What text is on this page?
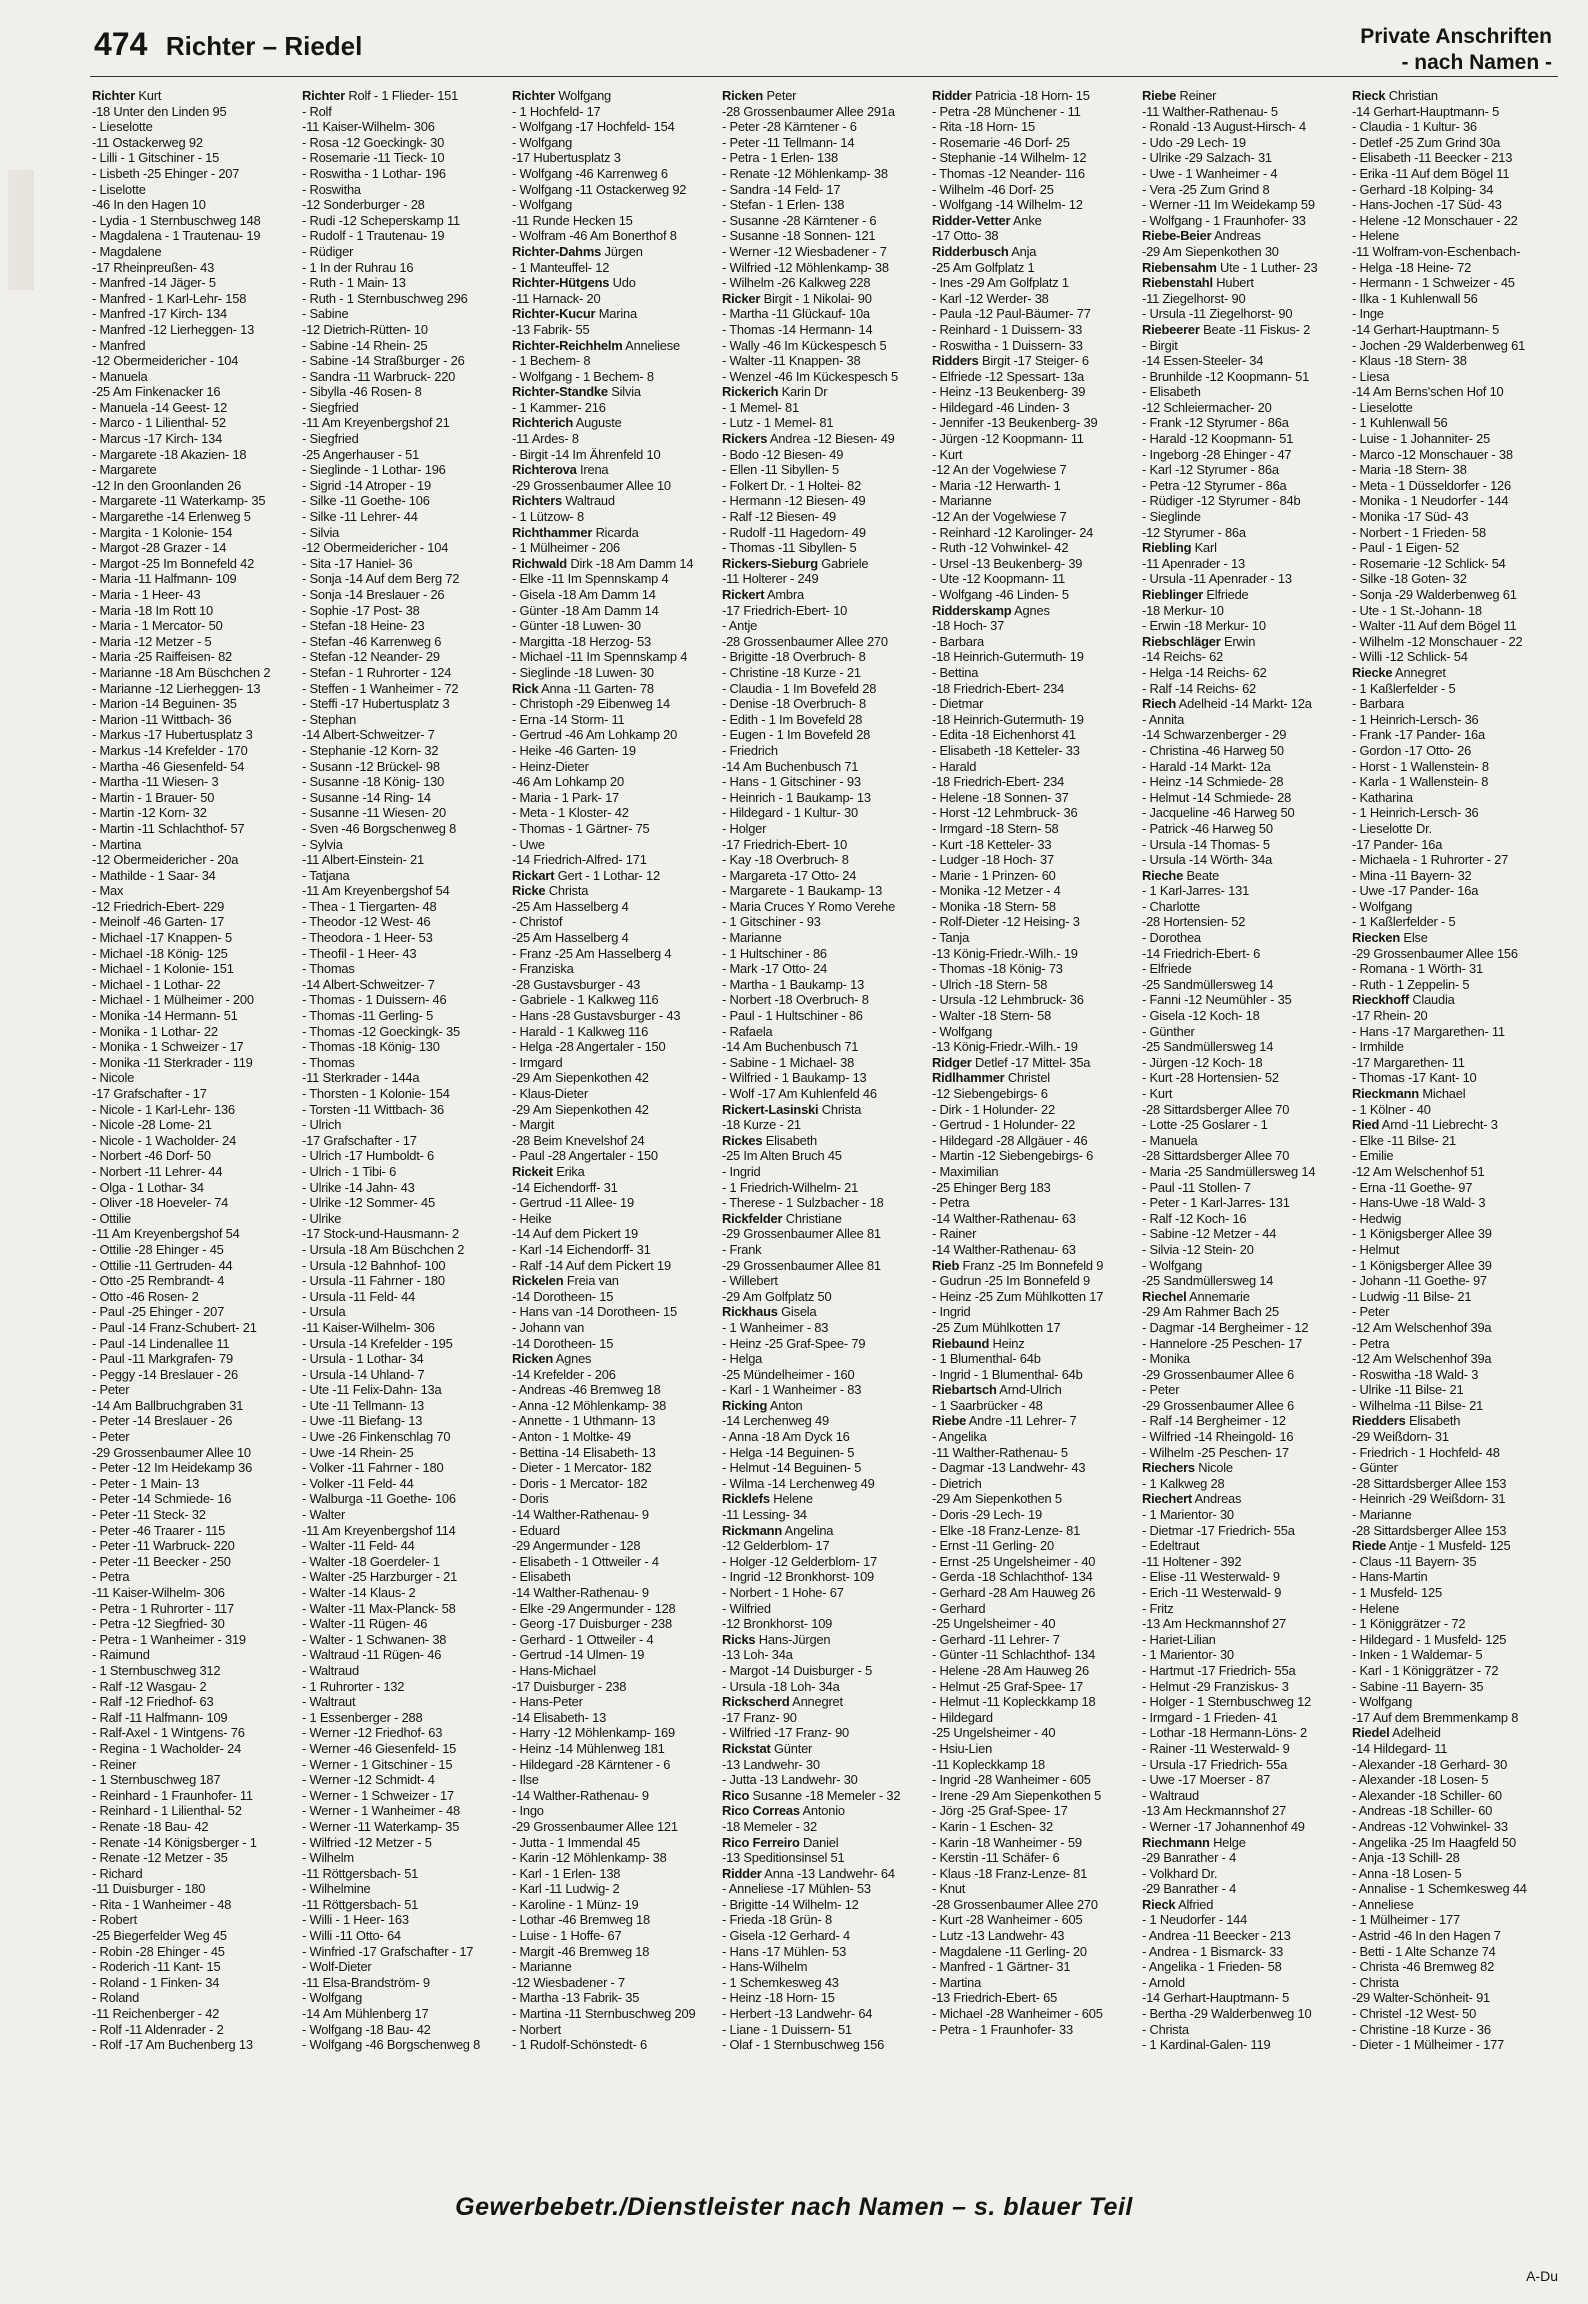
474 Richter – Riedel	Private Anschriften
- nach Namen -
Richter Kurt
-18 Unter den Linden 95
- Lieselotte
-11 Ostackerweg 92
- Lilli - 1 Gitschiner - 15
- Lisbeth -25 Ehinger - 207
- Liselotte
-46 In den Hagen 10
- Lydia - 1 Sternbuschweg 148
- Magdalena - 1 Trautenau- 19
- Magdalene
-17 Rheinpreußen- 43
- Manfred -14 Jäger- 5
- Manfred - 1 Karl-Lehr- 158
- Manfred -17 Kirch- 134
- Manfred -12 Lierheggen- 13
- Manfred
-12 Obermeidericher - 104
- Manuela
-25 Am Finkenacker 16
- Manuela -14 Geest- 12
- Marco - 1 Lilienthal- 52
- Marcus -17 Kirch- 134
- Margarete -18 Akazien- 18
- Margarete
-12 In den Groonlanden 26
- Margarete -11 Waterkamp- 35
- Margarethe -14 Erlenweg 5
- Margita - 1 Kolonie- 154
- Margot -28 Grazer - 14
- Margot -25 Im Bonnefeld 42
- Maria -11 Halfmann- 109
- Maria - 1 Heer- 43
- Maria -18 Im Rott 10
- Maria - 1 Mercator- 50
- Maria -12 Metzer - 5
- Maria -25 Raiffeisen- 82
- Marianne -18 Am Büschchen 2
- Marianne -12 Lierheggen- 13
- Marion -14 Beguinen- 35
- Marion -11 Wittbach- 36
- Markus -17 Hubertusplatz 3
- Markus -14 Krefelder - 170
- Martha -46 Giesenfeld- 54
- Martha -11 Wiesen- 3
- Martin - 1 Brauer- 50
- Martin -12 Korn- 32
- Martin -11 Schlachthof- 57
- Martina
-12 Obermeidericher - 20a
- Mathilde - 1 Saar- 34
- Max
-12 Friedrich-Ebert- 229
- Meinolf -46 Garten- 17
- Michael -17 Knappen- 5
- Michael -18 König- 125
- Michael - 1 Kolonie- 151
- Michael - 1 Lothar- 22
- Michael - 1 Mülheimer - 200
- Monika -14 Hermann- 51
- Monika - 1 Lothar- 22
- Monika - 1 Schweizer - 17
- Monika -11 Sterkrader - 119
- Nicole
-17 Grafschafter - 17
- Nicole - 1 Karl-Lehr- 136
- Nicole -28 Lome- 21
- Nicole - 1 Wacholder- 24
- Norbert -46 Dorf- 50
- Norbert -11 Lehrer- 44
- Olga - 1 Lothar- 34
- Oliver -18 Hoeveler- 74
- Ottilie
-11 Am Kreyenbergshof 54
- Ottilie -28 Ehinger - 45
- Ottilie -11 Gertruden- 44
- Otto -25 Rembrandt- 4
- Otto -46 Rosen- 2
- Paul -25 Ehinger - 207
- Paul -14 Franz-Schubert- 21
- Paul -14 Lindenallee 11
- Paul -11 Markgrafen- 79
- Peggy -14 Breslauer - 26
- Peter
-14 Am Ballbruchgraben 31
- Peter -14 Breslauer - 26
- Peter
-29 Grossenbaumer Allee 10
- Peter -12 Im Heidekamp 36
- Peter - 1 Main- 13
- Peter -14 Schmiede- 16
- Peter -11 Steck- 32
- Peter -46 Traarer - 115
- Peter -11 Warbruck- 220
- Peter -11 Beecker - 250
- Petra
-11 Kaiser-Wilhelm- 306
- Petra - 1 Ruhrorter - 117
- Petra -12 Siegfried- 30
- Petra - 1 Wanheimer - 319
- Raimund
- 1 Sternbuschweg 312
- Ralf -12 Wasgau- 2
- Ralf -12 Friedhof- 63
- Ralf -11 Halfmann- 109
- Ralf-Axel - 1 Wintgens- 76
- Regina - 1 Wacholder- 24
- Reiner
- 1 Sternbuschweg 187
- Reinhard - 1 Fraunhofer- 11
- Reinhard - 1 Lilienthal- 52
- Renate -18 Bau- 42
- Renate -14 Königsberger - 1
- Renate -12 Metzer - 35
- Richard
-11 Duisburger - 180
- Rita - 1 Wanheimer - 48
- Robert
-25 Biegerfelder Weg 45
- Robin -28 Ehinger - 45
- Roderich -11 Kant- 15
- Roland - 1 Finken- 34
- Roland
-11 Reichenberger - 42
- Rolf -11 Aldenrader - 2
- Rolf -17 Am Buchenberg 13
Richter Rolf - 1 Flieder- 151
- Rolf
-11 Kaiser-Wilhelm- 306
- Rosa -12 Goeckingk- 30
- Rosemarie -11 Tieck- 10
- Roswitha - 1 Lothar- 196
- Roswitha
-12 Sonderburger - 28
- Rudi -12 Scheperskamp 11
- Rudolf - 1 Trautenau- 19
- Rüdiger
- 1 In der Ruhrau 16
- Ruth - 1 Main- 13
- Ruth - 1 Sternbuschweg 296
- Sabine
-12 Dietrich-Rütten- 10
- Sabine -14 Rhein- 25
- Sabine -14 Straßburger - 26
- Sandra -11 Warbruck- 220
- Sibylla -46 Rosen- 8
- Siegfried
-11 Am Kreyenbergshof 21
- Siegfried
-25 Angerhauser - 51
- Sieglinde - 1 Lothar- 196
- Sigrid -14 Atroper - 19
- Silke -11 Goethe- 106
- Silke -11 Lehrer- 44
- Silvia
-12 Obermeidericher - 104
- Sita -17 Haniel- 36
- Sonja -14 Auf dem Berg 72
- Sonja -14 Breslauer - 26
- Sophie -17 Post- 38
- Stefan -18 Heine- 23
- Stefan -46 Karrenweg 6
- Stefan -12 Neander- 29
- Stefan - 1 Ruhrorter - 124
- Steffen - 1 Wanheimer - 72
- Steffi -17 Hubertusplatz 3
- Stephan
-14 Albert-Schweitzer- 7
- Stephanie -12 Korn- 32
- Susann -12 Brückel- 98
- Susanne -18 König- 130
- Susanne -14 Ring- 14
- Susanne -11 Wiesen- 20
- Sven -46 Borgschenweg 8
- Sylvia
-11 Albert-Einstein- 21
- Tatjana
-11 Am Kreyenbergshof 54
- Thea - 1 Tiergarten- 48
- Theodor -12 West- 46
- Theodora - 1 Heer- 53
- Theofil - 1 Heer- 43
- Thomas
-14 Albert-Schweitzer- 7
- Thomas - 1 Duissern- 46
- Thomas -11 Gerling- 5
- Thomas -12 Goeckingk- 35
- Thomas -18 König- 130
- Thomas
-11 Sterkrader - 144a
- Thorsten - 1 Kolonie- 154
- Torsten -11 Wittbach- 36
- Ulrich
-17 Grafschafter - 17
- Ulrich -17 Humboldt- 6
- Ulrich - 1 Tibi- 6
- Ulrike -14 Jahn- 43
- Ulrike -12 Sommer- 45
- Ulrike
-17 Stock-und-Hausmann- 2
- Ursula -18 Am Büschchen 2
- Ursula -12 Bahnhof- 100
- Ursula -11 Fahrner - 180
- Ursula -11 Feld- 44
- Ursula
-11 Kaiser-Wilhelm- 306
- Ursula -14 Krefelder - 195
- Ursula - 1 Lothar- 34
- Ursula -14 Uhland- 7
- Ute -11 Felix-Dahn- 13a
- Ute -11 Tellmann- 13
- Uwe -11 Biefang- 13
- Uwe -26 Finkenschlag 70
- Uwe -14 Rhein- 25
- Volker -11 Fahrner - 180
- Volker -11 Feld- 44
- Walburga -11 Goethe- 106
- Walter
-11 Am Kreyenbergshof 114
- Walter -11 Feld- 44
- Walter -18 Goerdeler- 1
- Walter -25 Harzburger - 21
- Walter -14 Klaus- 2
- Walter -11 Max-Planck- 58
- Walter -11 Rügen- 46
- Walter - 1 Schwanen- 38
- Waltraud -11 Rügen- 46
- Waltraud
- 1 Ruhrorter - 132
- Waltraut
- 1 Essenberger - 288
- Werner -12 Friedhof- 63
- Werner -46 Giesenfeld- 15
- Werner - 1 Gitschiner - 15
- Werner -12 Schmidt- 4
- Werner - 1 Schweizer - 17
- Werner - 1 Wanheimer - 48
- Werner -11 Waterkamp- 35
- Wilfried -12 Metzer - 5
- Wilhelm
-11 Röttgersbach- 51
- Wilhelmine
-11 Röttgersbach- 51
- Willi - 1 Heer- 163
- Willi -11 Otto- 64
- Winfried -17 Grafschafter - 17
- Wolf-Dieter
-11 Elsa-Brandström- 9
- Wolfgang
-14 Am Mühlenberg 17
- Wolfgang -18 Bau- 42
- Wolfgang -46 Borgschenweg 8
Richter Wolfgang
- 1 Hochfeld- 17
- Wolfgang -17 Hochfeld- 154
- Wolfgang
-17 Hubertusplatz 3
- Wolfgang -46 Karrenweg 6
- Wolfgang -11 Ostackerweg 92
- Wolfgang
-11 Runde Hecken 15
- Wolfram -46 Am Bonerthof 8
Richter-Dahms Jürgen
- 1 Manteuffel- 12
Richter-Hütgens Udo
-11 Harnack- 20
Richter-Kucur Marina
-13 Fabrik- 55
Richter-Reichhelm Anneliese
- 1 Bechem- 8
- Wolfgang - 1 Bechem- 8
Richter-Standke Silvia
- 1 Kammer- 216
Richterich Auguste
-11 Ardes- 8
- Birgit -14 Im Ährenfeld 10
Richterova Irena
-29 Grossenbaumer Allee 10
Richters Waltraud
- 1 Lützow- 8
Richthammer Ricarda
- 1 Mülheimer - 206
Richwald Dirk -18 Am Damm 14
- Elke -11 Im Spennskamp 4
- Gisela -18 Am Damm 14
- Günter -18 Am Damm 14
- Günter -18 Luwen- 30
- Margitta -18 Herzog- 53
- Michael -11 Im Spennskamp 4
- Sieglinde -18 Luwen- 30
Rick Anna -11 Garten- 78
- Christoph -29 Eibenweg 14
- Erna -14 Storm- 11
- Gertrud -46 Am Lohkamp 20
- Heike -46 Garten- 19
- Heinz-Dieter
-46 Am Lohkamp 20
- Maria - 1 Park- 17
- Meta - 1 Kloster- 42
- Thomas - 1 Gärtner- 75
- Uwe
-14 Friedrich-Alfred- 171
Rickart Gert - 1 Lothar- 12
Ricke Christa
-25 Am Hasselberg 4
- Christof
-25 Am Hasselberg 4
- Franz -25 Am Hasselberg 4
- Franziska
-28 Gustavsburger - 43
- Gabriele - 1 Kalkweg 116
- Hans -28 Gustavsburger - 43
- Harald - 1 Kalkweg 116
- Helga -28 Angertaler - 150
- Irmgard
-29 Am Siepenkothen 42
- Klaus-Dieter
-29 Am Siepenkothen 42
- Margit
-28 Beim Knevelshof 24
- Paul -28 Angertaler - 150
Rickeit Erika
-14 Eichendorff- 31
- Gertrud -11 Allee- 19
- Heike
-14 Auf dem Pickert 19
- Karl -14 Eichendorff- 31
- Ralf -14 Auf dem Pickert 19
Rickelen Freia van
-14 Dorotheen- 15
- Hans van -14 Dorotheen- 15
- Johann van
-14 Dorotheen- 15
Ricken Agnes
-14 Krefelder - 206
- Andreas -46 Bremweg 18
- Anna -12 Möhlenkamp- 38
- Annette - 1 Uthmann- 13
- Anton - 1 Moltke- 49
- Bettina -14 Elisabeth- 13
- Dieter - 1 Mercator- 182
- Doris - 1 Mercator- 182
- Doris
-14 Walther-Rathenau- 9
- Eduard
-29 Angermunder - 128
- Elisabeth - 1 Ottweiler - 4
- Elisabeth
-14 Walther-Rathenau- 9
- Elke -29 Angermunder - 128
- Georg -17 Duisburger - 238
- Gerhard - 1 Ottweiler - 4
- Gertrud -14 Ulmen- 19
- Hans-Michael
-17 Duisburger - 238
- Hans-Peter
-14 Elisabeth- 13
- Harry -12 Möhlenkamp- 169
- Heinz -14 Mühlenweg 181
- Hildegard -28 Kärntener - 6
- Ilse
-14 Walther-Rathenau- 9
- Ingo
-29 Grossenbaumer Allee 121
- Jutta - 1 Immendal 45
- Karin -12 Möhlenkamp- 38
- Karl - 1 Erlen- 138
- Karl -11 Ludwig- 2
- Karoline - 1 Münz- 19
- Lothar -46 Bremweg 18
- Luise - 1 Hoffe- 67
- Margit -46 Bremweg 18
- Marianne
-12 Wiesbadener - 7
- Martha -13 Fabrik- 35
- Martina -11 Sternbuschweg 209
- Norbert
- 1 Rudolf-Schönstedt- 6
Ricken Peter
-28 Grossenbaumer Allee 291a
- Peter -28 Kärntener - 6
- Peter -11 Tellmann- 14
- Petra - 1 Erlen- 138
- Renate -12 Möhlenkamp- 38
- Sandra -14 Feld- 17
- Stefan - 1 Erlen- 138
- Susanne -28 Kärntener - 6
- Susanne -18 Sonnen- 121
- Werner -12 Wiesbadener - 7
- Wilfried -12 Möhlenkamp- 38
- Wilhelm -26 Kalkweg 228
Ricker Birgit - 1 Nikolai- 90
- Martha -11 Glückauf- 10a
- Thomas -14 Hermann- 14
- Wally -46 Im Kückespesch 5
- Walter -11 Knappen- 38
- Wenzel -46 Im Kückespesch 5
Rickerich Karin Dr
- 1 Memel- 81
- Lutz - 1 Memel- 81
Rickers Andrea -12 Biesen- 49
- Bodo -12 Biesen- 49
- Ellen -11 Sibyllen- 5
- Folkert Dr. - 1 Holtei- 82
- Hermann -12 Biesen- 49
- Ralf -12 Biesen- 49
- Rudolf -11 Hagedorn- 49
- Thomas -11 Sibyllen- 5
Rickers-Sieburg Gabriele
-11 Holterer - 249
Rickert Ambra
-17 Friedrich-Ebert- 10
- Antje
-28 Grossenbaumer Allee 270
- Brigitte -18 Overbruch- 8
- Christine -18 Kurze - 21
- Claudia - 1 Im Bovefeld 28
- Denise -18 Overbruch- 8
- Edith - 1 Im Bovefeld 28
- Eugen - 1 Im Bovefeld 28
- Friedrich
-14 Am Buchenbusch 71
- Hans - 1 Gitschiner - 93
- Heinrich - 1 Baukamp- 13
- Hildegard - 1 Kultur- 30
- Holger
-17 Friedrich-Ebert- 10
- Kay -18 Overbruch- 8
- Margareta -17 Otto- 24
- Margarete - 1 Baukamp- 13
- Maria Cruces Y Romo Verehe
- 1 Gitschiner - 93
- Marianne
- 1 Hultschiner - 86
- Mark -17 Otto- 24
- Martha - 1 Baukamp- 13
- Norbert -18 Overbruch- 8
- Paul - 1 Hultschiner - 86
- Rafaela
-14 Am Buchenbusch 71
- Sabine - 1 Michael- 38
- Wilfried - 1 Baukamp- 13
- Wolf -17 Am Kuhlenfeld 46
Rickert-Lasinski Christa
-18 Kurze - 21
Rickes Elisabeth
-25 Im Alten Bruch 45
- Ingrid
- 1 Friedrich-Wilhelm- 21
- Therese - 1 Sulzbacher - 18
Rickfelder Christiane
-29 Grossenbaumer Allee 81
- Frank
-29 Grossenbaumer Allee 81
- Willebert
-29 Am Golfplatz 50
Rickhaus Gisela
- 1 Wanheimer - 83
- Heinz -25 Graf-Spee- 79
- Helga
-25 Mündelheimer - 160
- Karl - 1 Wanheimer - 83
Ricking Anton
-14 Lerchenweg 49
- Anna -18 Am Dyck 16
- Helga -14 Beguinen- 5
- Helmut -14 Beguinen- 5
- Wilma -14 Lerchenweg 49
Ricklefs Helene
-11 Lessing- 34
Rickmann Angelina
-12 Gelderblom- 17
- Holger -12 Gelderblom- 17
- Ingrid -12 Bronkhorst- 109
- Norbert - 1 Hohe- 67
- Wilfried
-12 Bronkhorst- 109
Ricks Hans-Jürgen
-13 Loh- 34a
- Margot -14 Duisburger - 5
- Ursula -18 Loh- 34a
Rickscherd Annegret
-17 Franz- 90
- Wilfried -17 Franz- 90
Rickstat Günter
-13 Landwehr- 30
- Jutta -13 Landwehr- 30
Rico Susanne -18 Memeler - 32
Rico Correas Antonio
-18 Memeler - 32
Rico Ferreiro Daniel
-13 Speditionsinsel 51
Ridder Anna -13 Landwehr- 64
- Anneliese -17 Mühlen- 53
- Brigitte -14 Wilhelm- 12
- Frieda -18 Grün- 8
- Gisela -12 Gerhard- 4
- Hans -17 Mühlen- 53
- Hans-Wilhelm
- 1 Schemkesweg 43
- Heinz -18 Horn- 15
- Herbert -13 Landwehr- 64
- Liane - 1 Duissern- 51
- Olaf - 1 Sternbuschweg 156
Ridder Patricia -18 Horn- 15
- Petra -28 Münchener - 11
- Rita -18 Horn- 15
- Rosemarie -46 Dorf- 25
- Stephanie -14 Wilhelm- 12
- Thomas -12 Neander- 116
- Wilhelm -46 Dorf- 25
- Wolfgang -14 Wilhelm- 12
Ridder-Vetter Anke
-17 Otto- 38
Ridderbusch Anja
-25 Am Golfplatz 1
- Ines -29 Am Golfplatz 1
- Karl -12 Werder- 38
- Paula -12 Paul-Bäumer- 77
- Reinhard - 1 Duissern- 33
- Roswitha - 1 Duissern- 33
Ridders Birgit -17 Steiger- 6
- Elfriede -12 Spessart- 13a
- Heinz -13 Beukenberg- 39
- Hildegard -46 Linden- 3
- Jennifer -13 Beukenberg- 39
- Jürgen -12 Koopmann- 11
- Kurt
-12 An der Vogelwiese 7
- Maria -12 Herwarth- 1
- Marianne
-12 An der Vogelwiese 7
- Reinhard -12 Karolinger- 24
- Ruth -12 Vohwinkel- 42
- Ursel -13 Beukenberg- 39
- Ute -12 Koopmann- 11
- Wolfgang -46 Linden- 5
Ridderskamp Agnes
-18 Hoch- 37
- Barbara
-18 Heinrich-Gutermuth- 19
- Bettina
-18 Friedrich-Ebert- 234
- Dietmar
-18 Heinrich-Gutermuth- 19
- Edita -18 Eichenhorst 41
- Elisabeth -18 Ketteler- 33
- Harald
-18 Friedrich-Ebert- 234
- Helene -18 Sonnen- 37
- Horst -12 Lehmbruck- 36
- Irmgard -18 Stern- 58
- Kurt -18 Ketteler- 33
- Ludger -18 Hoch- 37
- Marie - 1 Prinzen- 60
- Monika -12 Metzer - 4
- Monika -18 Stern- 58
- Rolf-Dieter -12 Heising- 3
- Tanja
-13 König-Friedr.-Wilh.- 19
- Thomas -18 König- 73
- Ulrich -18 Stern- 58
- Ursula -12 Lehmbruck- 36
- Walter -18 Stern- 58
- Wolfgang
-13 König-Friedr.-Wilh.- 19
Ridger Detlef -17 Mittel- 35a
Ridlhammer Christel
-12 Siebengebirgs- 6
- Dirk - 1 Holunder- 22
- Gertrud - 1 Holunder- 22
- Hildegard -28 Allgäuer - 46
- Martin -12 Siebengebirgs- 6
- Maximilian
-25 Ehinger Berg 183
- Petra
-14 Walther-Rathenau- 63
- Rainer
-14 Walther-Rathenau- 63
Rieb Franz -25 Im Bonnefeld 9
- Gudrun -25 Im Bonnefeld 9
- Heinz -25 Zum Mühlkotten 17
- Ingrid
-25 Zum Mühlkotten 17
Riebaund Heinz
- 1 Blumenthal- 64b
- Ingrid - 1 Blumenthal- 64b
Riebartsch Arnd-Ulrich
- 1 Saarbrücker - 48
Riebe Andre -11 Lehrer- 7
- Angelika
-11 Walther-Rathenau- 5
- Dagmar -13 Landwehr- 43
- Dietrich
-29 Am Siepenkothen 5
- Doris -29 Lech- 19
- Elke -18 Franz-Lenze- 81
- Ernst -11 Gerling- 20
- Ernst -25 Ungelsheimer - 40
- Gerda -18 Schlachthof- 134
- Gerhard -28 Am Hauweg 26
- Gerhard
-25 Ungelsheimer - 40
- Gerhard -11 Lehrer- 7
- Günter -11 Schlachthof- 134
- Helene -28 Am Hauweg 26
- Helmut -25 Graf-Spee- 17
- Helmut -11 Kopleckkamp 18
- Hildegard
-25 Ungelsheimer - 40
- Hsiu-Lien
-11 Kopleckkamp 18
- Ingrid -28 Wanheimer - 605
- Irene -29 Am Siepenkothen 5
- Jörg -25 Graf-Spee- 17
- Karin - 1 Eschen- 32
- Karin -18 Wanheimer - 59
- Kerstin -11 Schäfer- 6
- Klaus -18 Franz-Lenze- 81
- Knut
-28 Grossenbaumer Allee 270
- Kurt -28 Wanheimer - 605
- Lutz -13 Landwehr- 43
- Magdalene -11 Gerling- 20
- Manfred - 1 Gärtner- 31
- Martina
-13 Friedrich-Ebert- 65
- Michael -28 Wanheimer - 605
- Petra - 1 Fraunhofer- 33
Riebe Reiner
-11 Walther-Rathenau- 5
- Ronald -13 August-Hirsch- 4
- Udo -29 Lech- 19
- Ulrike -29 Salzach- 31
- Uwe - 1 Wanheimer - 4
- Vera -25 Zum Grind 8
- Werner -11 Im Weidekamp 59
- Wolfgang - 1 Fraunhofer- 33
Riebe-Beier Andreas
-29 Am Siepenkothen 30
Riebensahm Ute - 1 Luther- 23
Riebenstahl Hubert
-11 Ziegelhorst- 90
- Ursula -11 Ziegelhorst- 90
Riebeerer Beate -11 Fiskus- 2
- Birgit
-14 Essen-Steeler- 34
- Brunhilde -12 Koopmann- 51
- Elisabeth
-12 Schleiermacher- 20
- Frank -12 Styrumer - 86a
- Harald -12 Koopmann- 51
- Ingeborg -28 Ehinger - 47
- Karl -12 Styrumer - 86a
- Petra -12 Styrumer - 86a
- Rüdiger -12 Styrumer - 84b
- Sieglinde
-12 Styrumer - 86a
Riebling Karl
-11 Apenrader - 13
- Ursula -11 Apenrader - 13
Rieblinger Elfriede
-18 Merkur- 10
- Erwin -18 Merkur- 10
Riebschläger Erwin
-14 Reichs- 62
- Helga -14 Reichs- 62
- Ralf -14 Reichs- 62
Riech Adelheid -14 Markt- 12a
- Annita
-14 Schwarzenberger - 29
- Christina -46 Harweg 50
- Harald -14 Markt- 12a
- Heinz -14 Schmiede- 28
- Helmut -14 Schmiede- 28
- Jacqueline -46 Harweg 50
- Patrick -46 Harweg 50
- Ursula -14 Thomas- 5
- Ursula -14 Wörth- 34a
Rieche Beate
- 1 Karl-Jarres- 131
- Charlotte
-28 Hortensien- 52
- Dorothea
-14 Friedrich-Ebert- 6
- Elfriede
-25 Sandmüllersweg 14
- Fanni -12 Neumühler - 35
- Gisela -12 Koch- 18
- Günther
-25 Sandmüllersweg 14
- Jürgen -12 Koch- 18
- Kurt -28 Hortensien- 52
- Kurt
-28 Sittardsberger Allee 70
- Lotte -25 Goslarer - 1
- Manuela
-28 Sittardsberger Allee 70
- Maria -25 Sandmüllersweg 14
- Paul -11 Stollen- 7
- Peter - 1 Karl-Jarres- 131
- Ralf -12 Koch- 16
- Sabine -12 Metzer - 44
- Silvia -12 Stein- 20
- Wolfgang
-25 Sandmüllersweg 14
Riechel Annemarie
-29 Am Rahmer Bach 25
- Dagmar -14 Bergheimer - 12
- Hannelore -25 Peschen- 17
- Monika
-29 Grossenbaumer Allee 6
- Peter
-29 Grossenbaumer Allee 6
- Ralf -14 Bergheimer - 12
- Wilfried -14 Rheingold- 16
- Wilhelm -25 Peschen- 17
Riechers Nicole
- 1 Kalkweg 28
Riechert Andreas
- 1 Marientor- 30
- Dietmar -17 Friedrich- 55a
- Edeltraut
-11 Holtener - 392
- Elise -11 Westerwald- 9
- Erich -11 Westerwald- 9
- Fritz
-13 Am Heckmannshof 27
- Hariet-Lilian
- 1 Marientor- 30
- Hartmut -17 Friedrich- 55a
- Helmut -29 Franziskus- 3
- Holger - 1 Sternbuschweg 12
- Irmgard - 1 Frieden- 41
- Lothar -18 Hermann-Löns- 2
- Rainer -11 Westerwald- 9
- Ursula -17 Friedrich- 55a
- Uwe -17 Moerser - 87
- Waltraud
-13 Am Heckmannshof 27
- Werner -17 Johannenhof 49
Riechmann Helge
-29 Banrather - 4
- Volkhard Dr.
-29 Banrather - 4
Rieck Alfried
- 1 Neudorfer - 144
- Andrea -11 Beecker - 213
- Andrea - 1 Bismarck- 33
- Angelika - 1 Frieden- 58
- Arnold
-14 Gerhart-Hauptmann- 5
- Bertha -29 Walderbenweg 10
- Christa
- 1 Kardinal-Galen- 119
Rieck Christian
-14 Gerhart-Hauptmann- 5
- Claudia - 1 Kultur- 36
- Detlef -25 Zum Grind 30a
- Elisabeth -11 Beecker - 213
- Erika -11 Auf dem Bögel 11
- Gerhard -18 Kolping- 34
- Hans-Jochen -17 Süd- 43
- Helene -12 Monschauer - 22
- Helene
-11 Wolfram-von-Eschenbach-
- Helga -18 Heine- 72
- Hermann - 1 Schweizer - 45
- Ilka - 1 Kuhlenwall 56
- Inge
-14 Gerhart-Hauptmann- 5
- Jochen -29 Walderbenweg 61
- Klaus -18 Stern- 38
- Liesa
-14 Am Berns'schen Hof 10
- Lieselotte
- 1 Kuhlenwall 56
- Luise - 1 Johanniter- 25
- Marco -12 Monschauer - 38
- Maria -18 Stern- 38
- Meta - 1 Düsseldorfer - 126
- Monika - 1 Neudorfer - 144
- Monika -17 Süd- 43
- Norbert - 1 Frieden- 58
- Paul - 1 Eigen- 52
- Rosemarie -12 Schlick- 54
- Silke -18 Goten- 32
- Sonja -29 Walderbenweg 61
- Ute - 1 St.-Johann- 18
- Walter -11 Auf dem Bögel 11
- Wilhelm -12 Monschauer - 22
- Willi -12 Schlick- 54
Riecke Annegret
- 1 Kaßlerfelder - 5
- Barbara
- 1 Heinrich-Lersch- 36
- Frank -17 Pander- 16a
- Gordon -17 Otto- 26
- Horst - 1 Wallenstein- 8
- Karla - 1 Wallenstein- 8
- Katharina
- 1 Heinrich-Lersch- 36
- Lieselotte Dr.
-17 Pander- 16a
- Michaela - 1 Ruhrorter - 27
- Mina -11 Bayern- 32
- Uwe -17 Pander- 16a
- Wolfgang
- 1 Kaßlerfelder - 5
Riecken Else
-29 Grossenbaumer Allee 156
- Romana - 1 Wörth- 31
- Ruth - 1 Zeppelin- 5
Rieckhoff Claudia
-17 Rhein- 20
- Hans -17 Margarethen- 11
- Irmhilde
-17 Margarethen- 11
- Thomas -17 Kant- 10
Rieckmann Michael
- 1 Kölner - 40
Ried Arnd -11 Liebrecht- 3
- Elke -11 Bilse- 21
- Emilie
-12 Am Welschenhof 51
- Erna -11 Goethe- 97
- Hans-Uwe -18 Wald- 3
- Hedwig
- 1 Königsberger Allee 39
- Helmut
- 1 Königsberger Allee 39
- Johann -11 Goethe- 97
- Ludwig -11 Bilse- 21
- Peter
-12 Am Welschenhof 39a
- Petra
-12 Am Welschenhof 39a
- Roswitha -18 Wald- 3
- Ulrike -11 Bilse- 21
- Wilhelma -11 Bilse- 21
Riedders Elisabeth
-29 Weißdorn- 31
- Friedrich - 1 Hochfeld- 48
- Günter
-28 Sittardsberger Allee 153
- Heinrich -29 Weißdorn- 31
- Marianne
-28 Sittardsberger Allee 153
Riede Antje - 1 Musfeld- 125
- Claus -11 Bayern- 35
- Hans-Martin
- 1 Musfeld- 125
- Helene
- 1 Königgrätzer - 72
- Hildegard - 1 Musfeld- 125
- Inken - 1 Waldemar- 5
- Karl - 1 Königgrätzer - 72
- Sabine -11 Bayern- 35
- Wolfgang
-17 Auf dem Bremmenkamp 8
Riedel Adelheid
-14 Hildegard- 11
- Alexander -18 Gerhard- 30
- Alexander -18 Losen- 5
- Alexander -18 Schiller- 60
- Andreas -18 Schiller- 60
- Andreas -12 Vohwinkel- 33
- Angelika -25 Im Haagfeld 50
- Anja -13 Schill- 28
- Anna -18 Losen- 5
- Annalise - 1 Schemkesweg 44
- Anneliese
- 1 Mülheimer - 177
- Astrid -46 In den Hagen 7
- Betti - 1 Alte Schanze 74
- Christa -46 Bremweg 82
- Christa
-29 Walter-Schönheit- 91
- Christel -12 West- 50
- Christine -18 Kurze - 36
- Dieter - 1 Mülheimer - 177
Gewerbebetr./Dienstleister nach Namen – s. blauer Teil
A-Du
